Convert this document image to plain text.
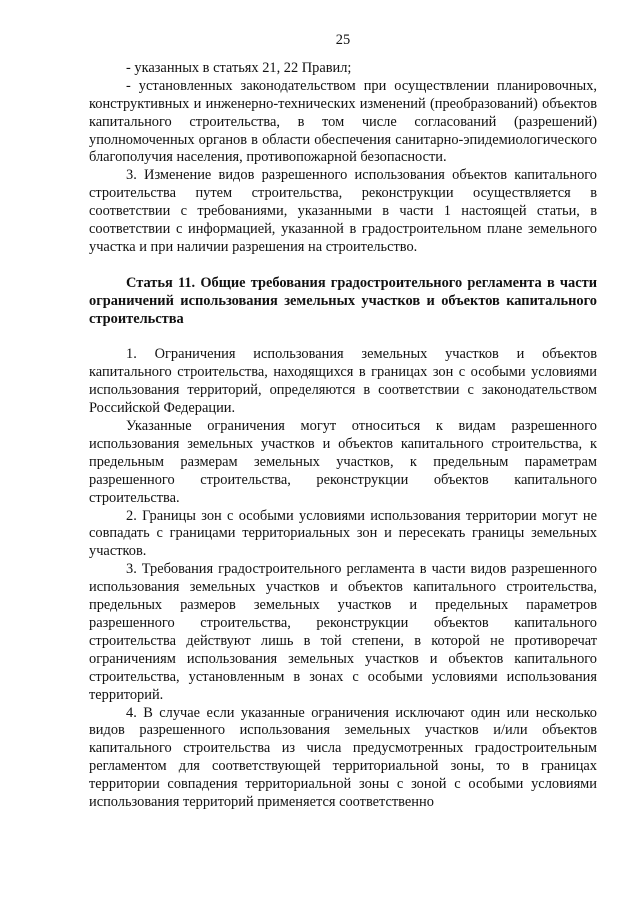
25

- указанных в статьях 21, 22 Правил;

- установленных законодательством при осуществлении планировочных, конструктивных и инженерно-технических изменений (преобразований) объектов капитального строительства, в том числе согласований (разрешений) уполномоченных органов в области обеспечения санитарно-эпидемиологического благополучия населения, противопожарной безопасности.

3. Изменение видов разрешенного использования объектов капитального строительства путем строительства, реконструкции осуществляется в соответствии с требованиями, указанными в части 1 настоящей статьи, в соответствии с информацией, указанной в градостроительном плане земельного участка и при наличии разрешения на строительство.

Статья 11. Общие требования градостроительного регламента в части ограничений использования земельных участков и объектов капитального строительства

1. Ограничения использования земельных участков и объектов капитального строительства, находящихся в границах зон с особыми условиями использования территорий, определяются в соответствии с законодательством Российской Федерации.

Указанные ограничения могут относиться к видам разрешенного использования земельных участков и объектов капитального строительства, к предельным размерам земельных участков, к предельным параметрам разрешенного строительства, реконструкции объектов капитального строительства.

2. Границы зон с особыми условиями использования территории могут не совпадать с границами территориальных зон и пересекать границы земельных участков.

3. Требования градостроительного регламента в части видов разрешенного использования земельных участков и объектов капитального строительства, предельных размеров земельных участков и предельных параметров разрешенного строительства, реконструкции объектов капитального строительства действуют лишь в той степени, в которой не противоречат ограничениям использования земельных участков и объектов капитального строительства, установленным в зонах с особыми условиями использования территорий.

4. В случае если указанные ограничения исключают один или несколько видов разрешенного использования земельных участков и/или объектов капитального строительства из числа предусмотренных градостроительным регламентом для соответствующей территориальной зоны, то в границах территории совпадения территориальной зоны с зоной с особыми условиями использования территорий применяется соответственно
